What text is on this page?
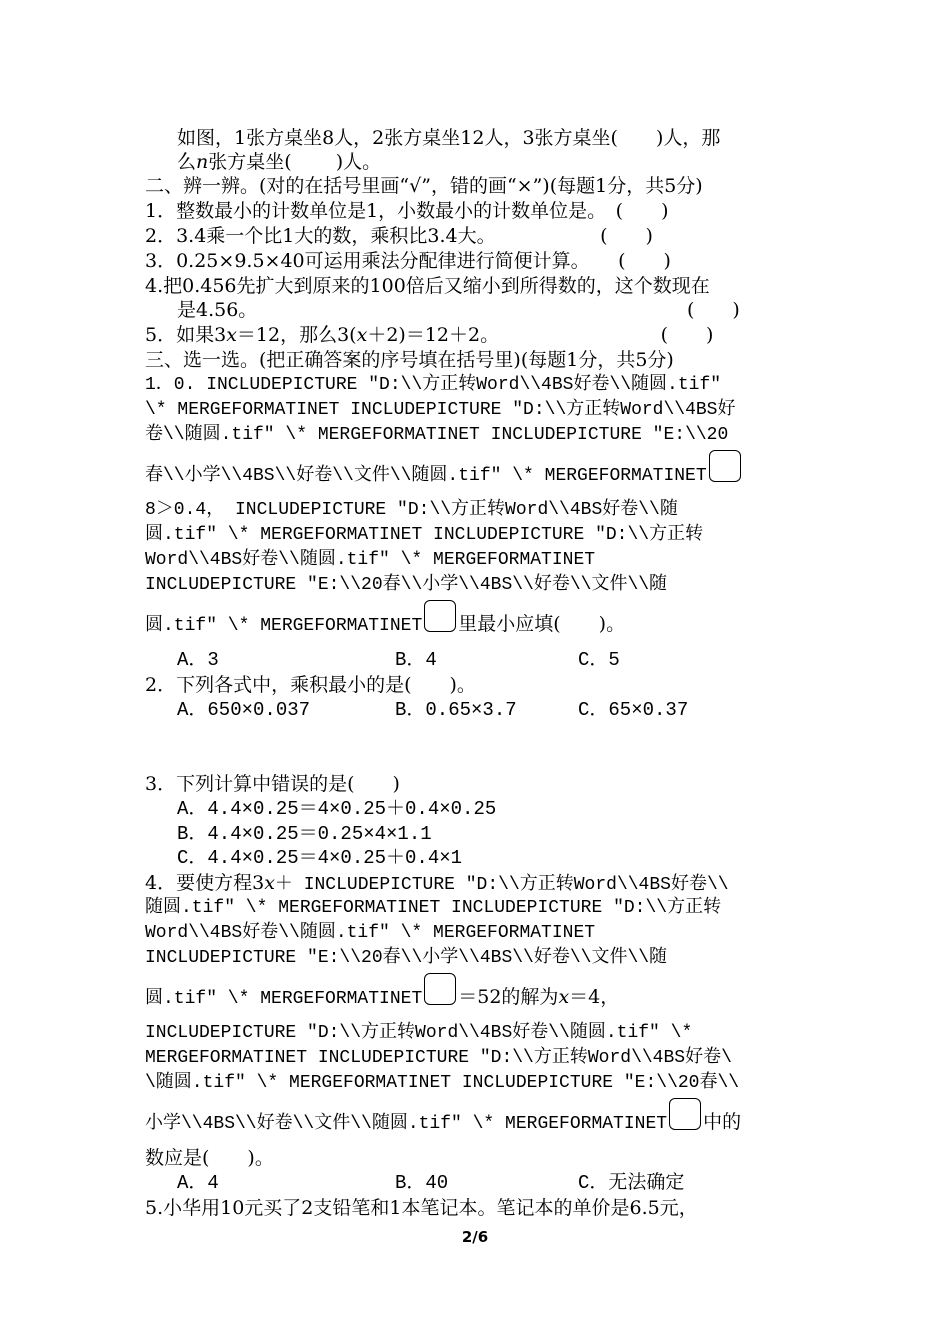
如图，1张方桌坐8人，2张方桌坐12人，3张方桌坐(　　)人，那
么n张方桌坐(　　 )人。
二、辨一辨。(对的在括号里画“√”，错的画“×”)(每题1分，共5分)
1．整数最小的计数单位是1，小数最小的计数单位是。　(　　)
2．3.4乘一个比1大的数，乘积比3.4大。　　　　　　(　　)
3．0.25×9.5×40可运用乘法分配律进行简便计算。　　(　　)
4.把0.456先扩大到原来的100倍后又缩小到所得数的，这个数现在
是4.56。	(　　)
5．如果3x＝12，那么3(x＋2)＝12＋2。　　　　　　　　　(　　)
三、选一选。(把正确答案的序号填在括号里)(每题1分，共5分)
1．0. INCLUDEPICTURE "D:\\方正转Word\\4BS好卷\\随圆.tif"
\* MERGEFORMATINET INCLUDEPICTURE "D:\\方正转Word\\4BS好
卷\\随圆.tif" \* MERGEFORMATINET INCLUDEPICTURE "E:\\20
春\\小学\\4BS\\好卷\\文件\\随圆.tif" \* MERGEFORMATINET
8＞0.4， INCLUDEPICTURE "D:\\方正转Word\\4BS好卷\\随
圆.tif" \* MERGEFORMATINET INCLUDEPICTURE "D:\\方正转
Word\\4BS好卷\\随圆.tif" \* MERGEFORMATINET
INCLUDEPICTURE "E:\\20春\\小学\\4BS\\好卷\\文件\\随
圆.tif" \* MERGEFORMATINET 里最小应填(　　)。
A．3	B．4	C．5
2．下列各式中，乘积最小的是(　　)。
A．650×0.037	B．0.65×3.7	C．65×0.37
3．下列计算中错误的是(　　)
A．4.4×0.25＝4×0.25＋0.4×0.25
B．4.4×0.25＝0.25×4×1.1
C．4.4×0.25＝4×0.25＋0.4×1
4．要使方程3x＋ INCLUDEPICTURE "D:\\方正转Word\\4BS好卷\\
随圆.tif" \* MERGEFORMATINET INCLUDEPICTURE "D:\\方正转
Word\\4BS好卷\\随圆.tif" \* MERGEFORMATINET
INCLUDEPICTURE "E:\\20春\\小学\\4BS\\好卷\\文件\\随
圆.tif" \* MERGEFORMATINET ＝52的解为x＝4，
INCLUDEPICTURE "D:\\方正转Word\\4BS好卷\\随圆.tif" \*
MERGEFORMATINET INCLUDEPICTURE "D:\\方正转Word\\4BS好卷\
\随圆.tif" \* MERGEFORMATINET INCLUDEPICTURE "E:\\20春\\
小学\\4BS\\好卷\\文件\\随圆.tif" \* MERGEFORMATINET 中的
数应是(　　)。
A．4	B．40	C．无法确定
5.小华用10元买了2支铅笔和1本笔记本。笔记本的单价是6.5元，
2/6
